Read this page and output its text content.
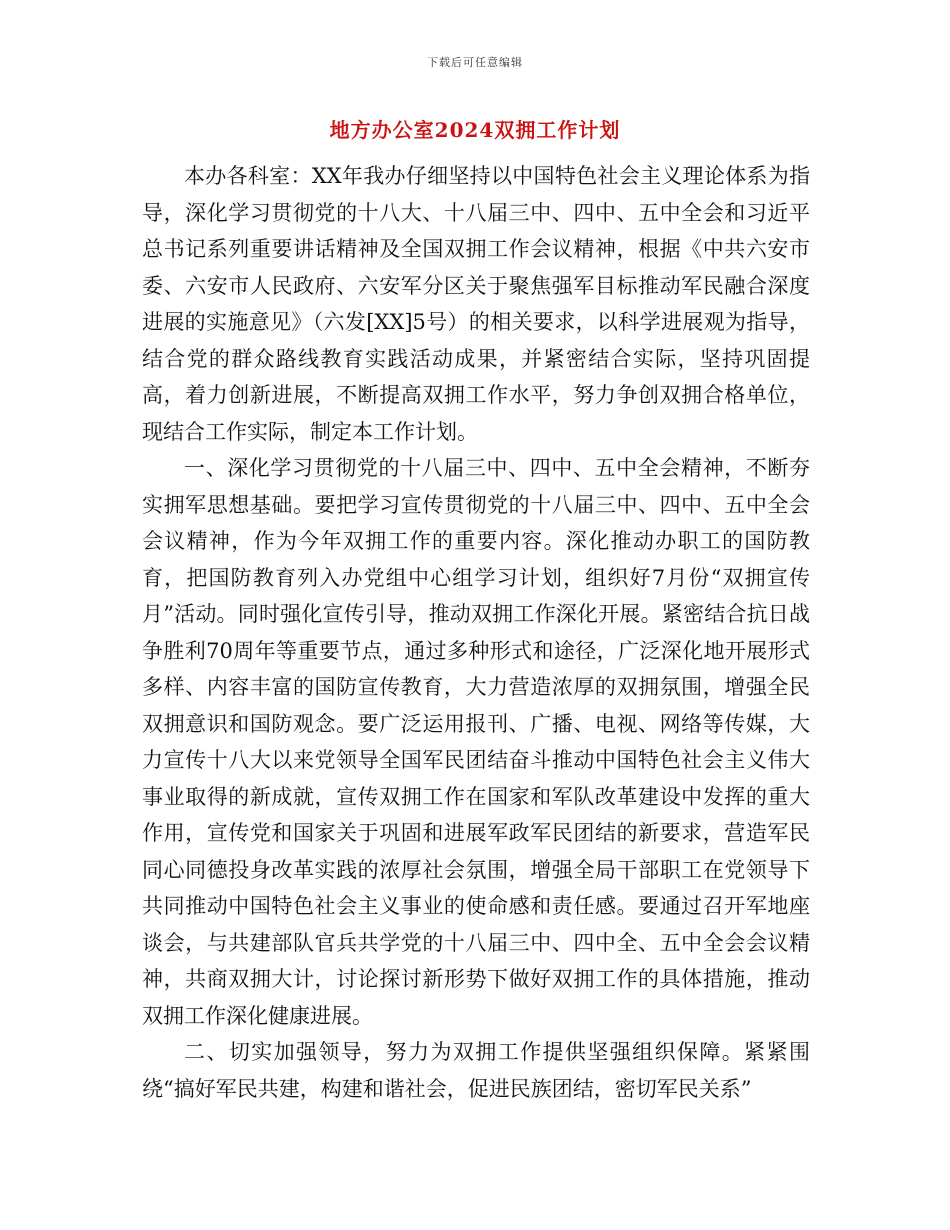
下载后可任意编辑
地方办公室2024双拥工作计划

本办各科室：XX年我办仔细坚持以中国特色社会主义理论体系为指导，深化学习贯彻党的十八大、十八届三中、四中、五中全会和习近平总书记系列重要讲话精神及全国双拥工作会议精神，根据《中共六安市委、六安市人民政府、六安军分区关于聚焦强军目标推动军民融合深度进展的实施意见》（六发[XX]5号）的相关要求，以科学进展观为指导，结合党的群众路线教育实践活动成果，并紧密结合实际，坚持巩固提高，着力创新进展，不断提高双拥工作水平，努力争创双拥合格单位，现结合工作实际，制定本工作计划。

一、深化学习贯彻党的十八届三中、四中、五中全会精神，不断夯实拥军思想基础。要把学习宣传贯彻党的十八届三中、四中、五中全会会议精神，作为今年双拥工作的重要内容。深化推动办职工的国防教育，把国防教育列入办党组中心组学习计划，组织好7月份“双拥宣传月”活动。同时强化宣传引导，推动双拥工作深化开展。紧密结合抗日战争胜利70周年等重要节点，通过多种形式和途径，广泛深化地开展形式多样、内容丰富的国防宣传教育，大力营造浓厚的双拥氛围，增强全民双拥意识和国防观念。要广泛运用报刊、广播、电视、网络等传媒，大力宣传十八大以来党领导全国军民团结奋斗推动中国特色社会主义伟大事业取得的新成就，宣传双拥工作在国家和军队改革建设中发挥的重大作用，宣传党和国家关于巩固和进展军政军民团结的新要求，营造军民同心同德投身改革实践的浓厚社会氛围，增强全局干部职工在党领导下共同推动中国特色社会主义事业的使命感和责任感。要通过召开军地座谈会，与共建部队官兵共学党的十八届三中、四中全、五中全会会议精神，共商双拥大计，讨论探讨新形势下做好双拥工作的具体措施，推动双拥工作深化健康进展。

二、切实加强领导，努力为双拥工作提供坚强组织保障。紧紧围绕“搞好军民共建，构建和谐社会，促进民族团结，密切军民关系”
